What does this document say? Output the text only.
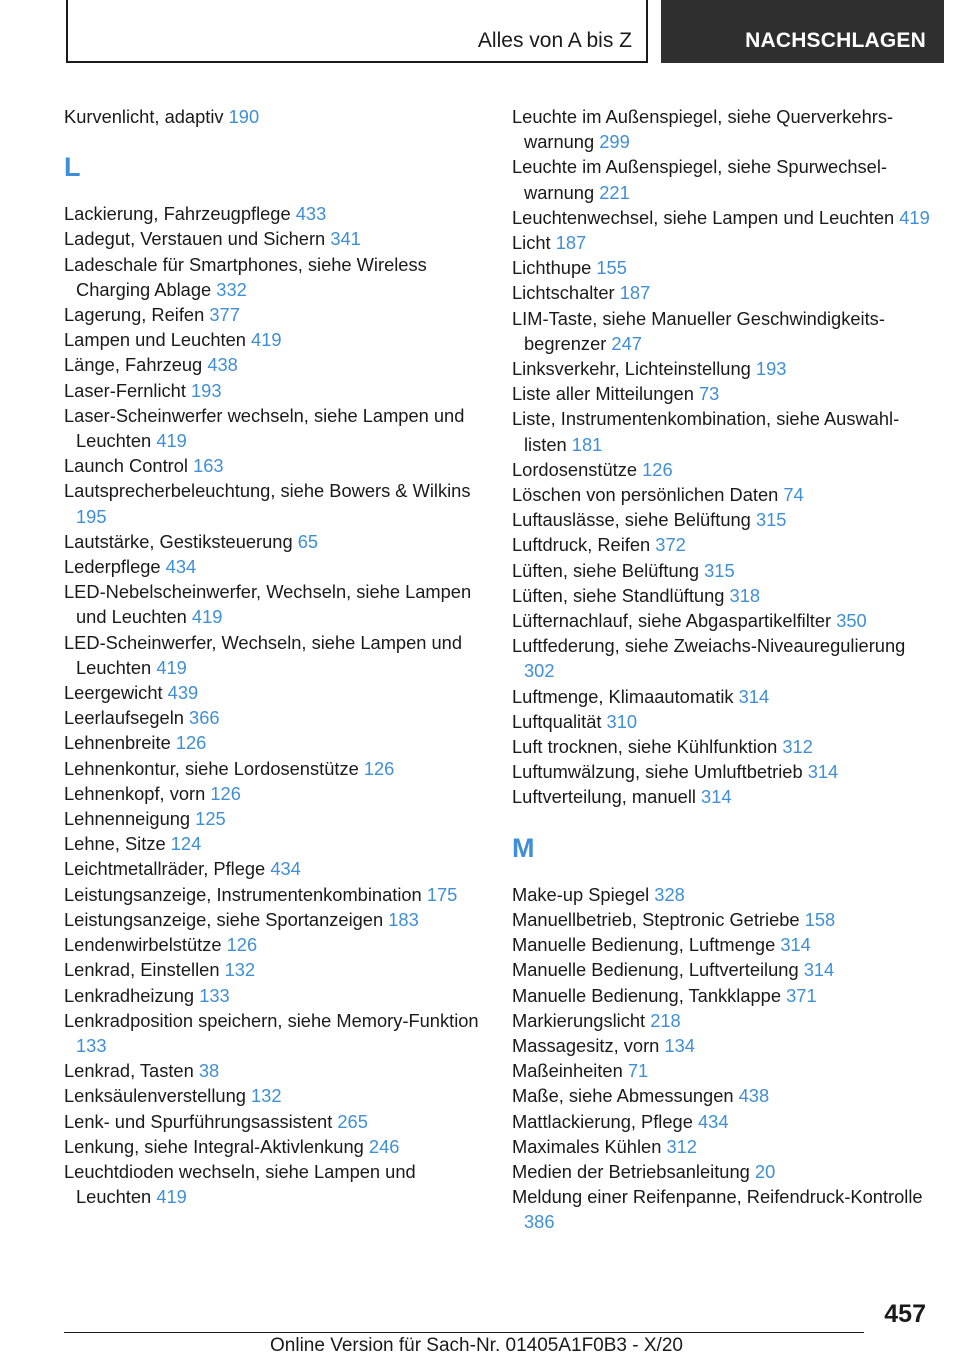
Alles von A bis Z	NACHSCHLAGEN
Kurvenlicht, adaptiv 190
L
Lackierung, Fahrzeugpflege 433
Ladegut, Verstauen und Sichern 341
Ladeschale für Smartphones, siehe Wireless Charging Ablage 332
Lagerung, Reifen 377
Lampen und Leuchten 419
Länge, Fahrzeug 438
Laser-Fernlicht 193
Laser-Scheinwerfer wechseln, siehe Lampen und Leuchten 419
Launch Control 163
Lautsprecherbeleuchtung, siehe Bowers & Wilkins 195
Lautstärke, Gestiksteuerung 65
Lederpflege 434
LED-Nebelscheinwerfer, Wechseln, siehe Lampen und Leuchten 419
LED-Scheinwerfer, Wechseln, siehe Lampen und Leuchten 419
Leergewicht 439
Leerlaufsegeln 366
Lehnenbreite 126
Lehnenkontur, siehe Lordosenstütze 126
Lehnenkopf, vorn 126
Lehnenneigung 125
Lehne, Sitze 124
Leichtmetallräder, Pflege 434
Leistungsanzeige, Instrumentenkombination 175
Leistungsanzeige, siehe Sportanzeigen 183
Lendenwirbelstütze 126
Lenkrad, Einstellen 132
Lenkradheizung 133
Lenkradposition speichern, siehe Memory-Funktion 133
Lenkrad, Tasten 38
Lenksäulenverstellung 132
Lenk- und Spurführungsassistent 265
Lenkung, siehe Integral-Aktivlenkung 246
Leuchtdioden wechseln, siehe Lampen und Leuchten 419
Leuchte im Außenspiegel, siehe Querverkehrswarnung 299
Leuchte im Außenspiegel, siehe Spurwechselwarnung 221
Leuchtenwechsel, siehe Lampen und Leuchten 419
Licht 187
Lichthupe 155
Lichtschalter 187
LIM-Taste, siehe Manueller Geschwindigkeitsbegrenzer 247
Linksverkehr, Lichteinstellung 193
Liste aller Mitteilungen 73
Liste, Instrumentenkombination, siehe Auswahllisten 181
Lordosenstütze 126
Löschen von persönlichen Daten 74
Luftauslässe, siehe Belüftung 315
Luftdruck, Reifen 372
Lüften, siehe Belüftung 315
Lüften, siehe Standlüftung 318
Lüfternachlauf, siehe Abgaspartikelfilter 350
Luftfederung, siehe Zweiachs-Niveauregulierung 302
Luftmenge, Klimaautomatik 314
Luftqualität 310
Luft trocknen, siehe Kühlfunktion 312
Luftumwälzung, siehe Umluftbetrieb 314
Luftverteilung, manuell 314
M
Make-up Spiegel 328
Manuellbetrieb, Steptronic Getriebe 158
Manuelle Bedienung, Luftmenge 314
Manuelle Bedienung, Luftverteilung 314
Manuelle Bedienung, Tankklappe 371
Markierungslicht 218
Massagesitz, vorn 134
Maßeinheiten 71
Maße, siehe Abmessungen 438
Mattlackierung, Pflege 434
Maximales Kühlen 312
Medien der Betriebsanleitung 20
Meldung einer Reifenpanne, Reifendruck-Kontrolle 386
457
Online Version für Sach-Nr. 01405A1F0B3 - X/20
